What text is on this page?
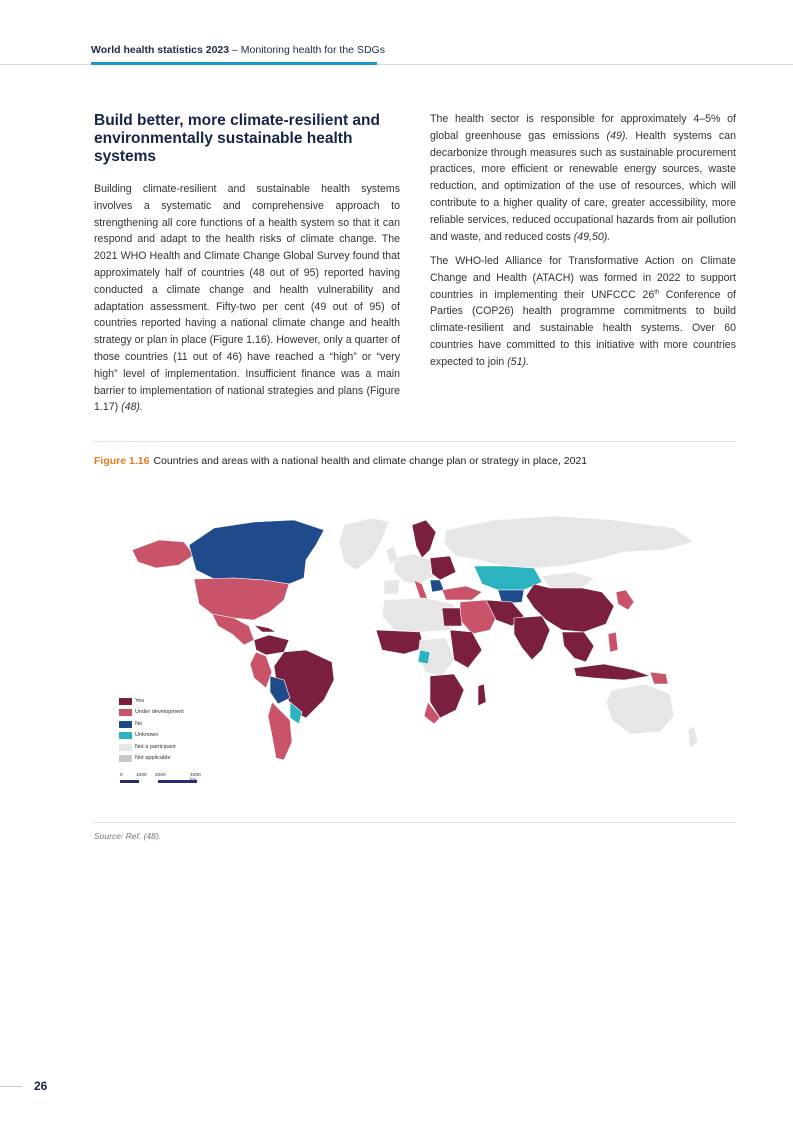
World health statistics 2023 – Monitoring health for the SDGs
Build better, more climate-resilient and environmentally sustainable health systems
Building climate-resilient and sustainable health systems involves a systematic and comprehensive approach to strengthening all core functions of a health system so that it can respond and adapt to the health risks of climate change. The 2021 WHO Health and Climate Change Global Survey found that approximately half of countries (48 out of 95) reported having conducted a climate change and health vulnerability and adaptation assessment. Fifty-two per cent (49 out of 95) of countries reported having a national climate change and health strategy or plan in place (Figure 1.16). However, only a quarter of those countries (11 out of 46) have reached a “high” or “very high” level of implementation. Insufficient finance was a main barrier to implementation of national strategies and plans (Figure 1.17) (48).
The health sector is responsible for approximately 4–5% of global greenhouse gas emissions (49). Health systems can decarbonize through measures such as sustainable procurement practices, more efficient or renewable energy sources, waste reduction, and optimization of the use of resources, which will contribute to a higher quality of care, greater accessibility, more reliable services, reduced occupational hazards from air pollution and waste, and reduced costs (49,50).
The WHO-led Alliance for Transformative Action on Climate Change and Health (ATACH) was formed in 2022 to support countries in implementing their UNFCCC 26th Conference of Parties (COP26) health programme commitments to build climate-resilient and sustainable health systems. Over 60 countries have committed to this initiative with more countries expected to join (51).
Figure 1.16 Countries and areas with a national health and climate change plan or strategy in place, 2021
Yes
Under development
No
Unknown
Not a participant
Not applicable
0	1000 2000	4000
Source: Ref. (48).
26
